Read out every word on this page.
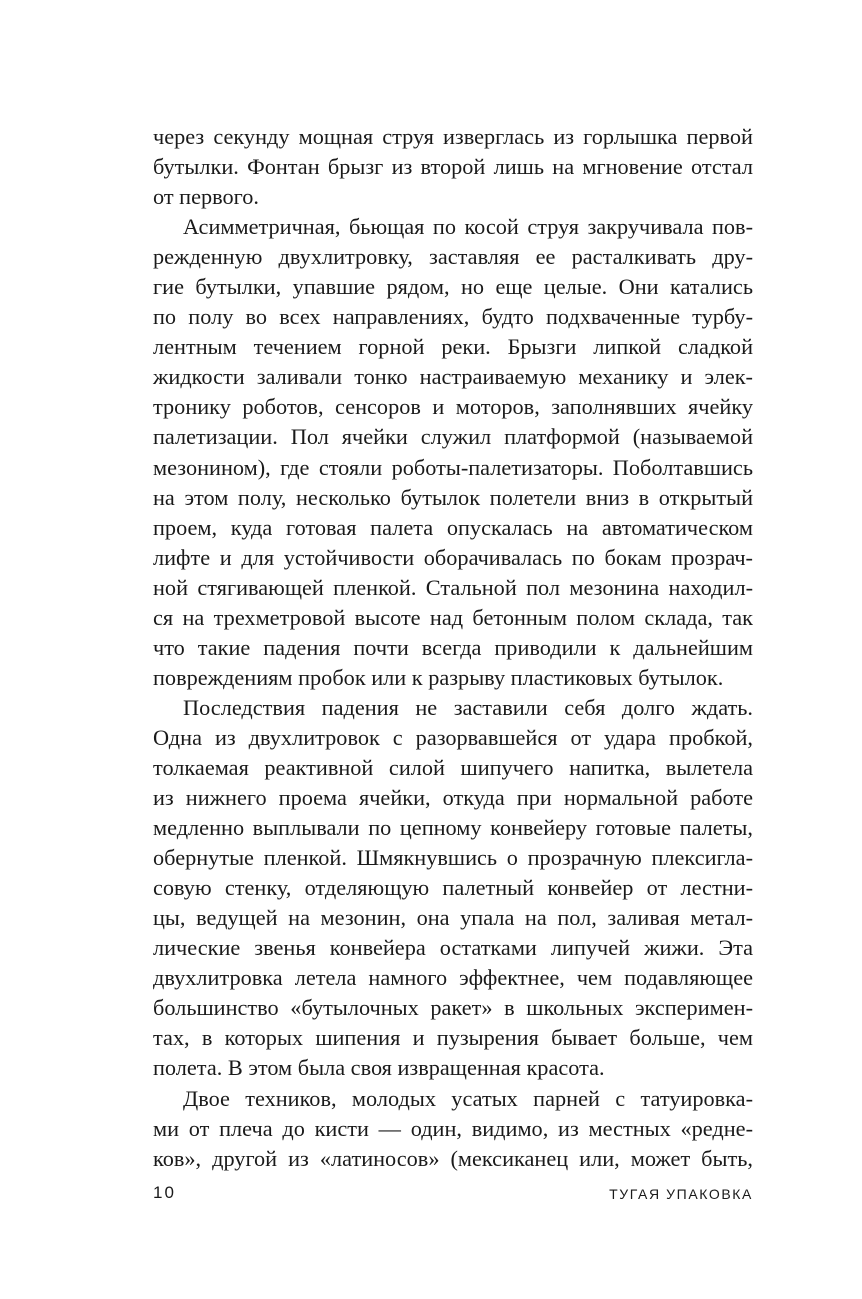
через секунду мощная струя изверглась из горлышка первой
бутылки. Фонтан брызг из второй лишь на мгновение отстал
от первого.
Асимметричная, бьющая по косой струя закручивала пов-
режденную двухлитровку, заставляя ее расталкивать дру-
гие бутылки, упавшие рядом, но еще целые. Они катались
по полу во всех направлениях, будто подхваченные турбу-
лентным течением горной реки. Брызги липкой сладкой
жидкости заливали тонко настраиваемую механику и элек-
тронику роботов, сенсоров и моторов, заполнявших ячейку
палетизации. Пол ячейки служил платформой (называемой
мезонином), где стояли роботы-палетизаторы. Поболтавшись
на этом полу, несколько бутылок полетели вниз в открытый
проем, куда готовая палета опускалась на автоматическом
лифте и для устойчивости оборачивалась по бокам прозрач-
ной стягивающей пленкой. Стальной пол мезонина находил-
ся на трехметровой высоте над бетонным полом склада, так
что такие падения почти всегда приводили к дальнейшим
повреждениям пробок или к разрыву пластиковых бутылок.
Последствия падения не заставили себя долго ждать.
Одна из двухлитровок с разорвавшейся от удара пробкой,
толкаемая реактивной силой шипучего напитка, вылетела
из нижнего проема ячейки, откуда при нормальной работе
медленно выплывали по цепному конвейеру готовые палеты,
обернутые пленкой. Шмякнувшись о прозрачную плексигла-
совую стенку, отделяющую палетный конвейер от лестни-
цы, ведущей на мезонин, она упала на пол, заливая метал-
лические звенья конвейера остатками липучей жижи. Эта
двухлитровка летела намного эффектнее, чем подавляющее
большинство «бутылочных ракет» в школьных эксперимен-
тах, в которых шипения и пузырения бывает больше, чем
полета. В этом была своя извращенная красота.
Двое техников, молодых усатых парней с татуировка-
ми от плеча до кисти — один, видимо, из местных «редне-
ков», другой из «латиносов» (мексиканец или, может быть,
10	ТУГАЯ УПАКОВКА
